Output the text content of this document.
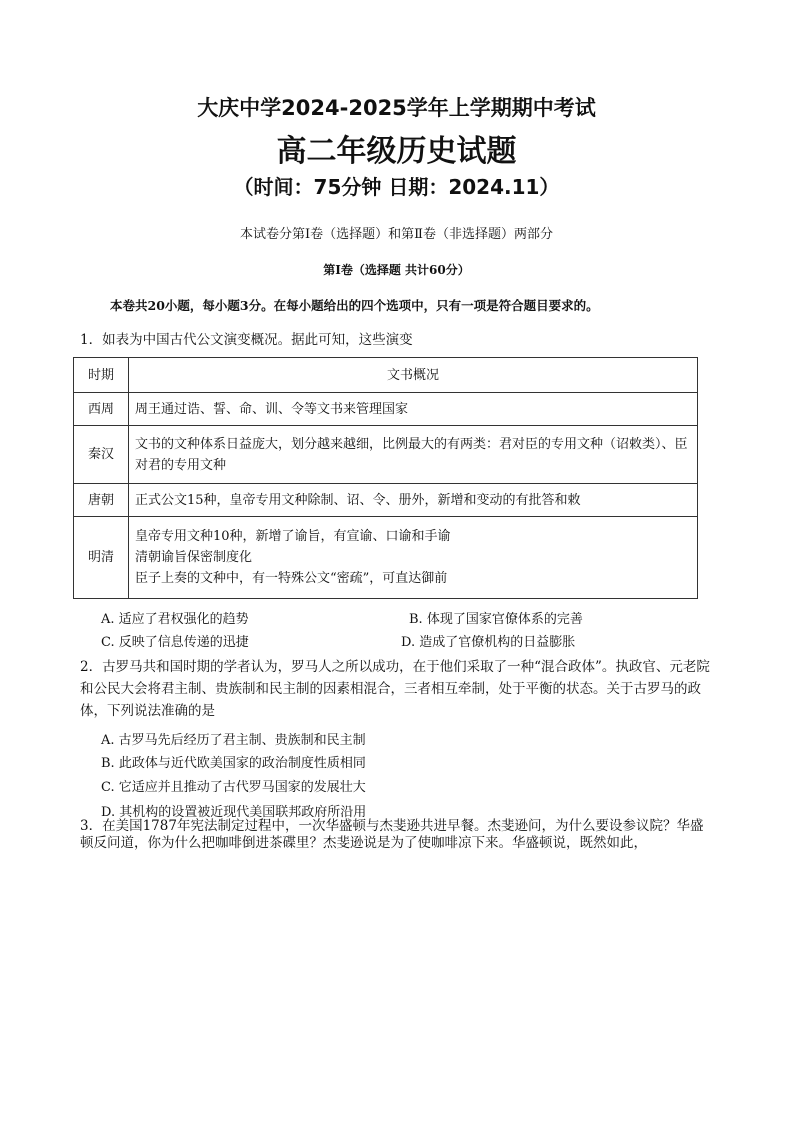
大庆中学2024-2025学年上学期期中考试
高二年级历史试题
（时间：75分钟 日期：2024.11）
本试卷分第Ⅰ卷（选择题）和第Ⅱ卷（非选择题）两部分
第Ⅰ卷（选择题 共计60分）
本卷共20小题，每小题3分。在每小题给出的四个选项中，只有一项是符合题目要求的。
1．如表为中国古代公文演变概况。据此可知，这些演变
时期	文书概况
西周	周王通过诰、誓、命、训、令等文书来管理国家

秦汉	文书的文种体系日益庞大，划分越来越细，比例最大的有两类：君对臣的专用文种（诏敕类）、臣对君的专用文种

唐朝	正式公文15种，皇帝专用文种除制、诏、令、册外，新增和变动的有批答和敕

明清	皇帝专用文种10种，新增了谕旨，有宣谕、口谕和手谕
清朝谕旨保密制度化
臣子上奏的文种中，有一特殊公文“密疏”，可直达御前
A. 适应了君权强化的趋势	B. 体现了国家官僚体系的完善
C. 反映了信息传递的迅捷	D. 造成了官僚机构的日益膨胀
2．古罗马共和国时期的学者认为，罗马人之所以成功，在于他们采取了一种“混合政体”。执政官、元老院和公民大会将君主制、贵族制和民主制的因素相混合，三者相互牵制，处于平衡的状态。关于古罗马的政体，下列说法准确的是
A. 古罗马先后经历了君主制、贵族制和民主制
B. 此政体与近代欧美国家的政治制度性质相同
C. 它适应并且推动了古代罗马国家的发展壮大
D. 其机构的设置被近现代美国联邦政府所沿用
3．在美国1787年宪法制定过程中，一次华盛顿与杰斐逊共进早餐。杰斐逊问，为什么要设参议院？华盛顿反问道，你为什么把咖啡倒进茶碟里？杰斐逊说是为了使咖啡凉下来。华盛顿说，既然如此，
